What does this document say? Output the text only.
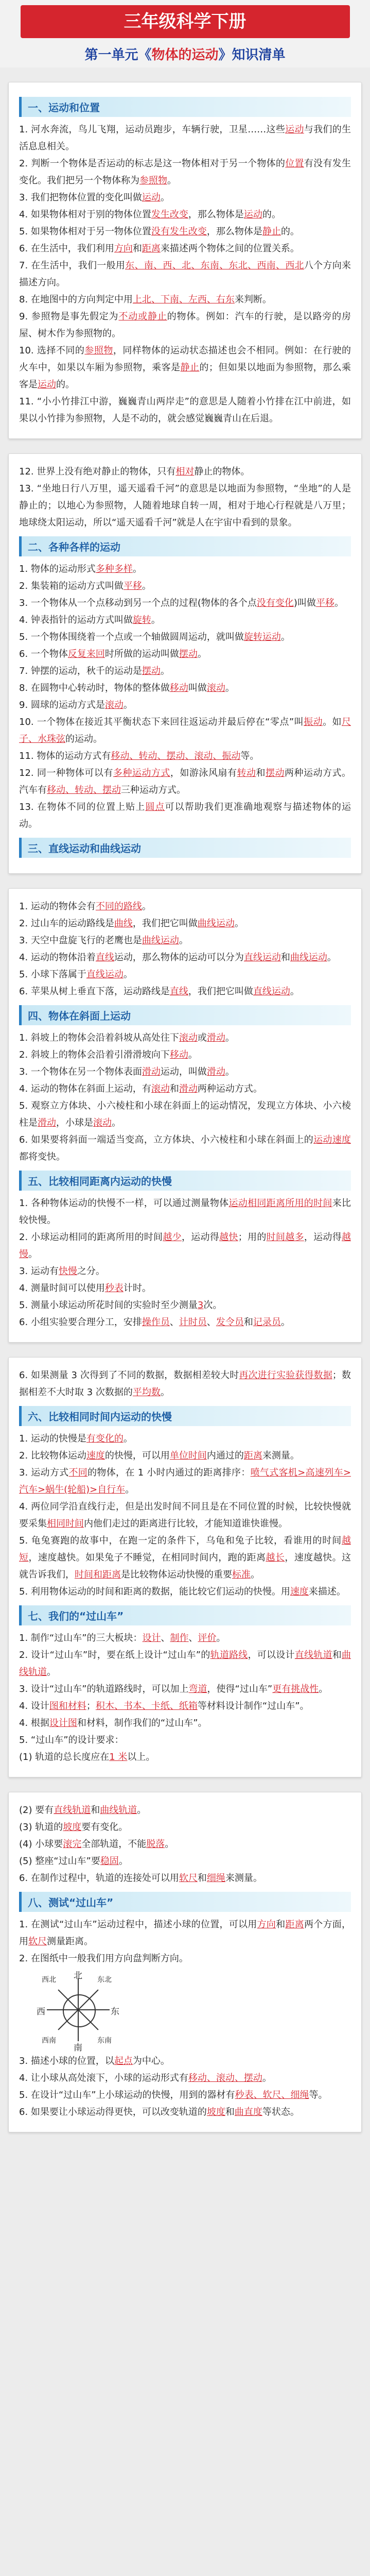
三年级科学下册
第一单元《物体的运动》知识清单
一、运动和位置

1. 河水奔流，鸟儿飞翔，运动员跑步，车辆行驶，卫星……这些运动与我们的生活息息相关。

2. 判断一个物体是否运动的标志是这一物体相对于另一个物体的位置有没有发生变化。我们把另一个物体称为参照物。

3. 我们把物体位置的变化叫做运动。

4. 如果物体相对于别的物体位置发生改变，那么物体是运动的。

5. 如果物体相对于另一物体位置没有发生改变，那么物体是静止的。

6. 在生活中，我们利用方向和距离来描述两个物体之间的位置关系。

7. 在生活中，我们一般用东、南、西、北、东南、东北、西南、西北八个方向来描述方向。

8. 在地图中的方向判定中用上北、下南、左西、右东来判断。

9. 参照物是事先假定为不动或静止的物体。例如：汽车的行驶，是以路旁的房屋、树木作为参照物的。

10. 选择不同的参照物，同样物体的运动状态描述也会不相同。例如：在行驶的火车中，如果以车厢为参照物，乘客是静止的；但如果以地面为参照物，那么乘客是运动的。

11. “小小竹排江中游，巍巍青山两岸走”的意思是人随着小竹排在江中前进，如果以小竹排为参照物，人是不动的，就会感觉巍巍青山在后退。

12. 世界上没有绝对静止的物体，只有相对静止的物体。

13. “坐地日行八万里，遥天遥看千河”的意思是以地面为参照物，“坐地”的人是静止的；以地心为参照物，人随着地球自转一周，相对于地心行程就是八万里；地球绕太阳运动，所以“遥天遥看千河”就是人在宇宙中看到的景象。

二、各种各样的运动

1. 物体的运动形式多种多样。

2. 集装箱的运动方式叫做平移。

3. 一个物体从一个点移动到另一个点的过程(物体的各个点没有变化)叫做平移。

4. 钟表指针的运动方式叫做旋转。

5. 一个物体围绕着一个点或一个轴做圆周运动，就叫做旋转运动。

6. 一个物体反复来回时所做的运动叫做摆动。

7. 钟摆的运动，秋千的运动是摆动。

8. 在圆物中心转动时，物体的整体做移动叫做滚动。

9. 圆球的运动方式是滚动。

10. 一个物体在接近其平衡状态下来回往返运动并最后停在“零点”叫振动。如尺子、水珠弦的运动。

11. 物体的运动方式有移动、转动、摆动、滚动、振动等。

12. 同一种物体可以有多种运动方式，如游泳风扇有转动和摆动两种运动方式。汽车有移动、转动、摆动三种运动方式。

13. 在物体不同的位置上贴上圆点可以帮助我们更准确地观察与描述物体的运动。

三、直线运动和曲线运动

1. 运动的物体会有不同的路线。

2. 过山车的运动路线是曲线，我们把它叫做曲线运动。

3. 天空中盘旋飞行的老鹰也是曲线运动。

4. 运动的物体沿着直线运动，那么物体的运动可以分为直线运动和曲线运动。

5. 小球下落属于直线运动。

6. 苹果从树上垂直下落，运动路线是直线，我们把它叫做直线运动。

四、物体在斜面上运动

1. 斜坡上的物体会沿着斜坡从高处往下滚动或滑动。

2. 斜坡上的物体会沿着引滑滑坡向下移动。

3. 一个物体在另一个物体表面滑动运动，叫做滑动。

4. 运动的物体在斜面上运动，有滚动和滑动两种运动方式。

5. 观察立方体块、小六棱柱和小球在斜面上的运动情况，发现立方体块、小六棱柱是滑动，小球是滚动。

6. 如果要将斜面一端适当变高，立方体块、小六棱柱和小球在斜面上的运动速度都将变快。

五、比较相同距离内运动的快慢

1. 各种物体运动的快慢不一样，可以通过测量物体运动相同距离所用的时间来比较快慢。

2. 小球运动相同的距离所用的时间越少，运动得越快；用的时间越多，运动得越慢。

3. 运动有快慢之分。

4. 测量时间可以使用秒表计时。

5. 测量小球运动所花时间的实验时至少测量3次。

6. 小组实验要合理分工，安排操作员、计时员、发令员和记录员。

6. 如果测量 3 次得到了不同的数据，数据相差较大时再次进行实验获得数据；数据相差不大时取 3 次数据的平均数。

六、比较相同时间内运动的快慢

1. 运动的快慢是有变化的。

2. 比较物体运动速度的快慢，可以用单位时间内通过的距离来测量。

3. 运动方式不同的物体，在 1 小时内通过的距离排序：喷气式客机>高速列车>汽车>蜗牛(轮船)>自行车。

4. 两位同学沿直线行走，但是出发时间不同且是在不同位置的时候，比较快慢就要采集相同时间内他们走过的距离进行比较，才能知道谁快谁慢。

5. 龟兔赛跑的故事中，在跑一定的条件下，乌龟和兔子比较，看谁用的时间越短，速度越快。如果兔子不睡觉，在相同时间内，跑的距离越长，速度越快。这就告诉我们，时间和距离是比较物体运动快慢的重要标准。

5. 利用物体运动的时间和距离的数据，能比较它们运动的快慢。用速度来描述。

七、我们的“过山车”

1. 制作“过山车”的三大板块：设计、制作、评价。

2. 设计“过山车”时，要在纸上设计“过山车”的轨道路线，可以设计直线轨道和曲线轨道。

3. 设计“过山车”的轨道路线时，可以加上弯道，使得“过山车”更有挑战性。

4. 设计图和材料；积木、书本、卡纸、纸箱等材料设计制作“过山车”。

4. 根据设计图和材料，制作我们的“过山车”。

5. “过山车”的设计要求：

(1) 轨道的总长度应在1 米以上。

(2) 要有直线轨道和曲线轨道。

(3) 轨道的坡度要有变化。

(4) 小球要滚完全部轨道，不能脱落。

(5) 整座“过山车”要稳固。

6. 在制作过程中，轨道的连接处可以用软尺和细绳来测量。

八、测试“过山车”

1. 在测试“过山车”运动过程中，描述小球的位置，可以用方向和距离两个方面，用软尺测量距离。

2. 在图纸中一般我们用方向盘判断方向。

北
南
东
西
东北
西北
东南
西南

3. 描述小球的位置，以起点为中心。

4. 让小球从高处滚下，小球的运动形式有移动、滚动、摆动。

5. 在设计“过山车”上小球运动的快慢，用到的器材有秒表、软尺、细绳等。

6. 如果要让小球运动得更快，可以改变轨道的坡度和曲直度等状态。
